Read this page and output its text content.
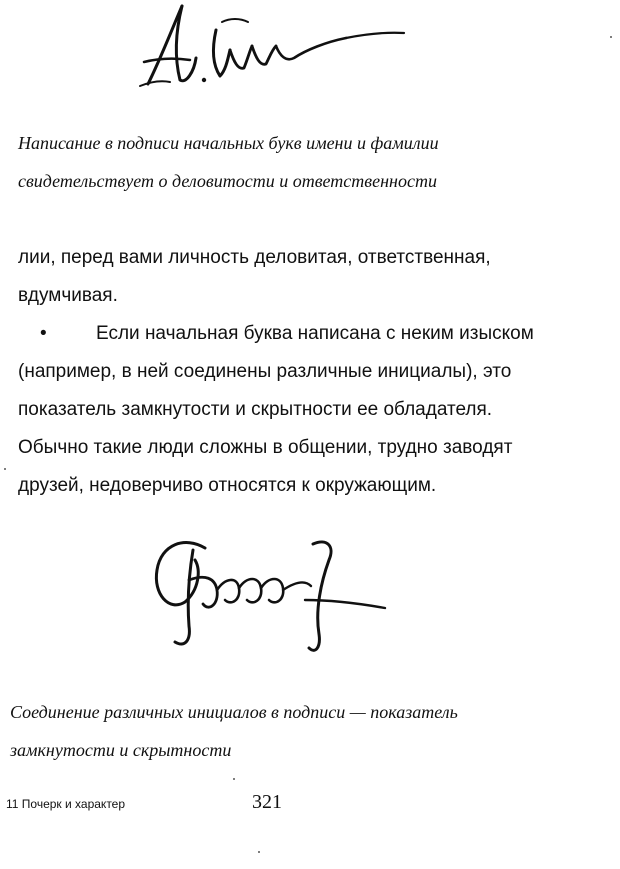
Написание в подписи начальных букв имени и фамилии
свидетельствует о деловитости и ответственности

лии, перед вами личность деловитая, ответственная,
вдумчивая.
•	Если начальная буква написана с неким изыском
(например, в ней соединены различные инициалы), это
показатель замкнутости и скрытности ее обладателя.
Обычно такие люди сложны в общении, трудно заводят
друзей, недоверчиво относятся к окружающим.

Соединение различных инициалов в подписи — показатель
замкнутости и скрытности

11 Почерк и характер	321
